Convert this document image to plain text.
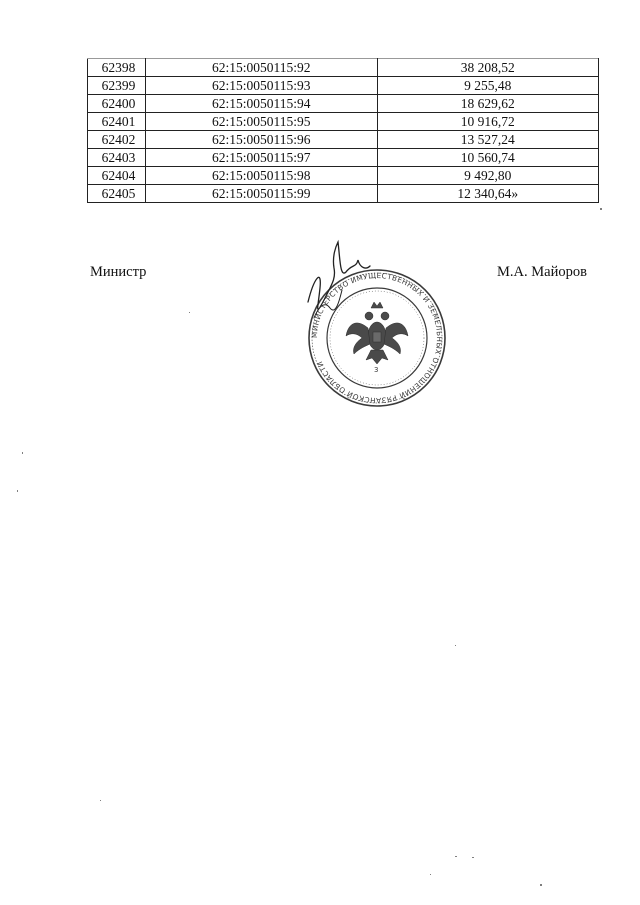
62398	62:15:0050115:92	38 208,52
62399	62:15:0050115:93	9 255,48
62400	62:15:0050115:94	18 629,62
62401	62:15:0050115:95	10 916,72
62402	62:15:0050115:96	13 527,24
62403	62:15:0050115:97	10 560,74
62404	62:15:0050115:98	9 492,80
62405	62:15:0050115:99	12 340,64»
Министр	М.А. Майоров
МИНИСТЕРСТВО ИМУЩЕСТВЕННЫХ И ЗЕМЕЛЬНЫХ ОТНОШЕНИЙ РЯЗАНСКОЙ ОБЛАСТИ
3
